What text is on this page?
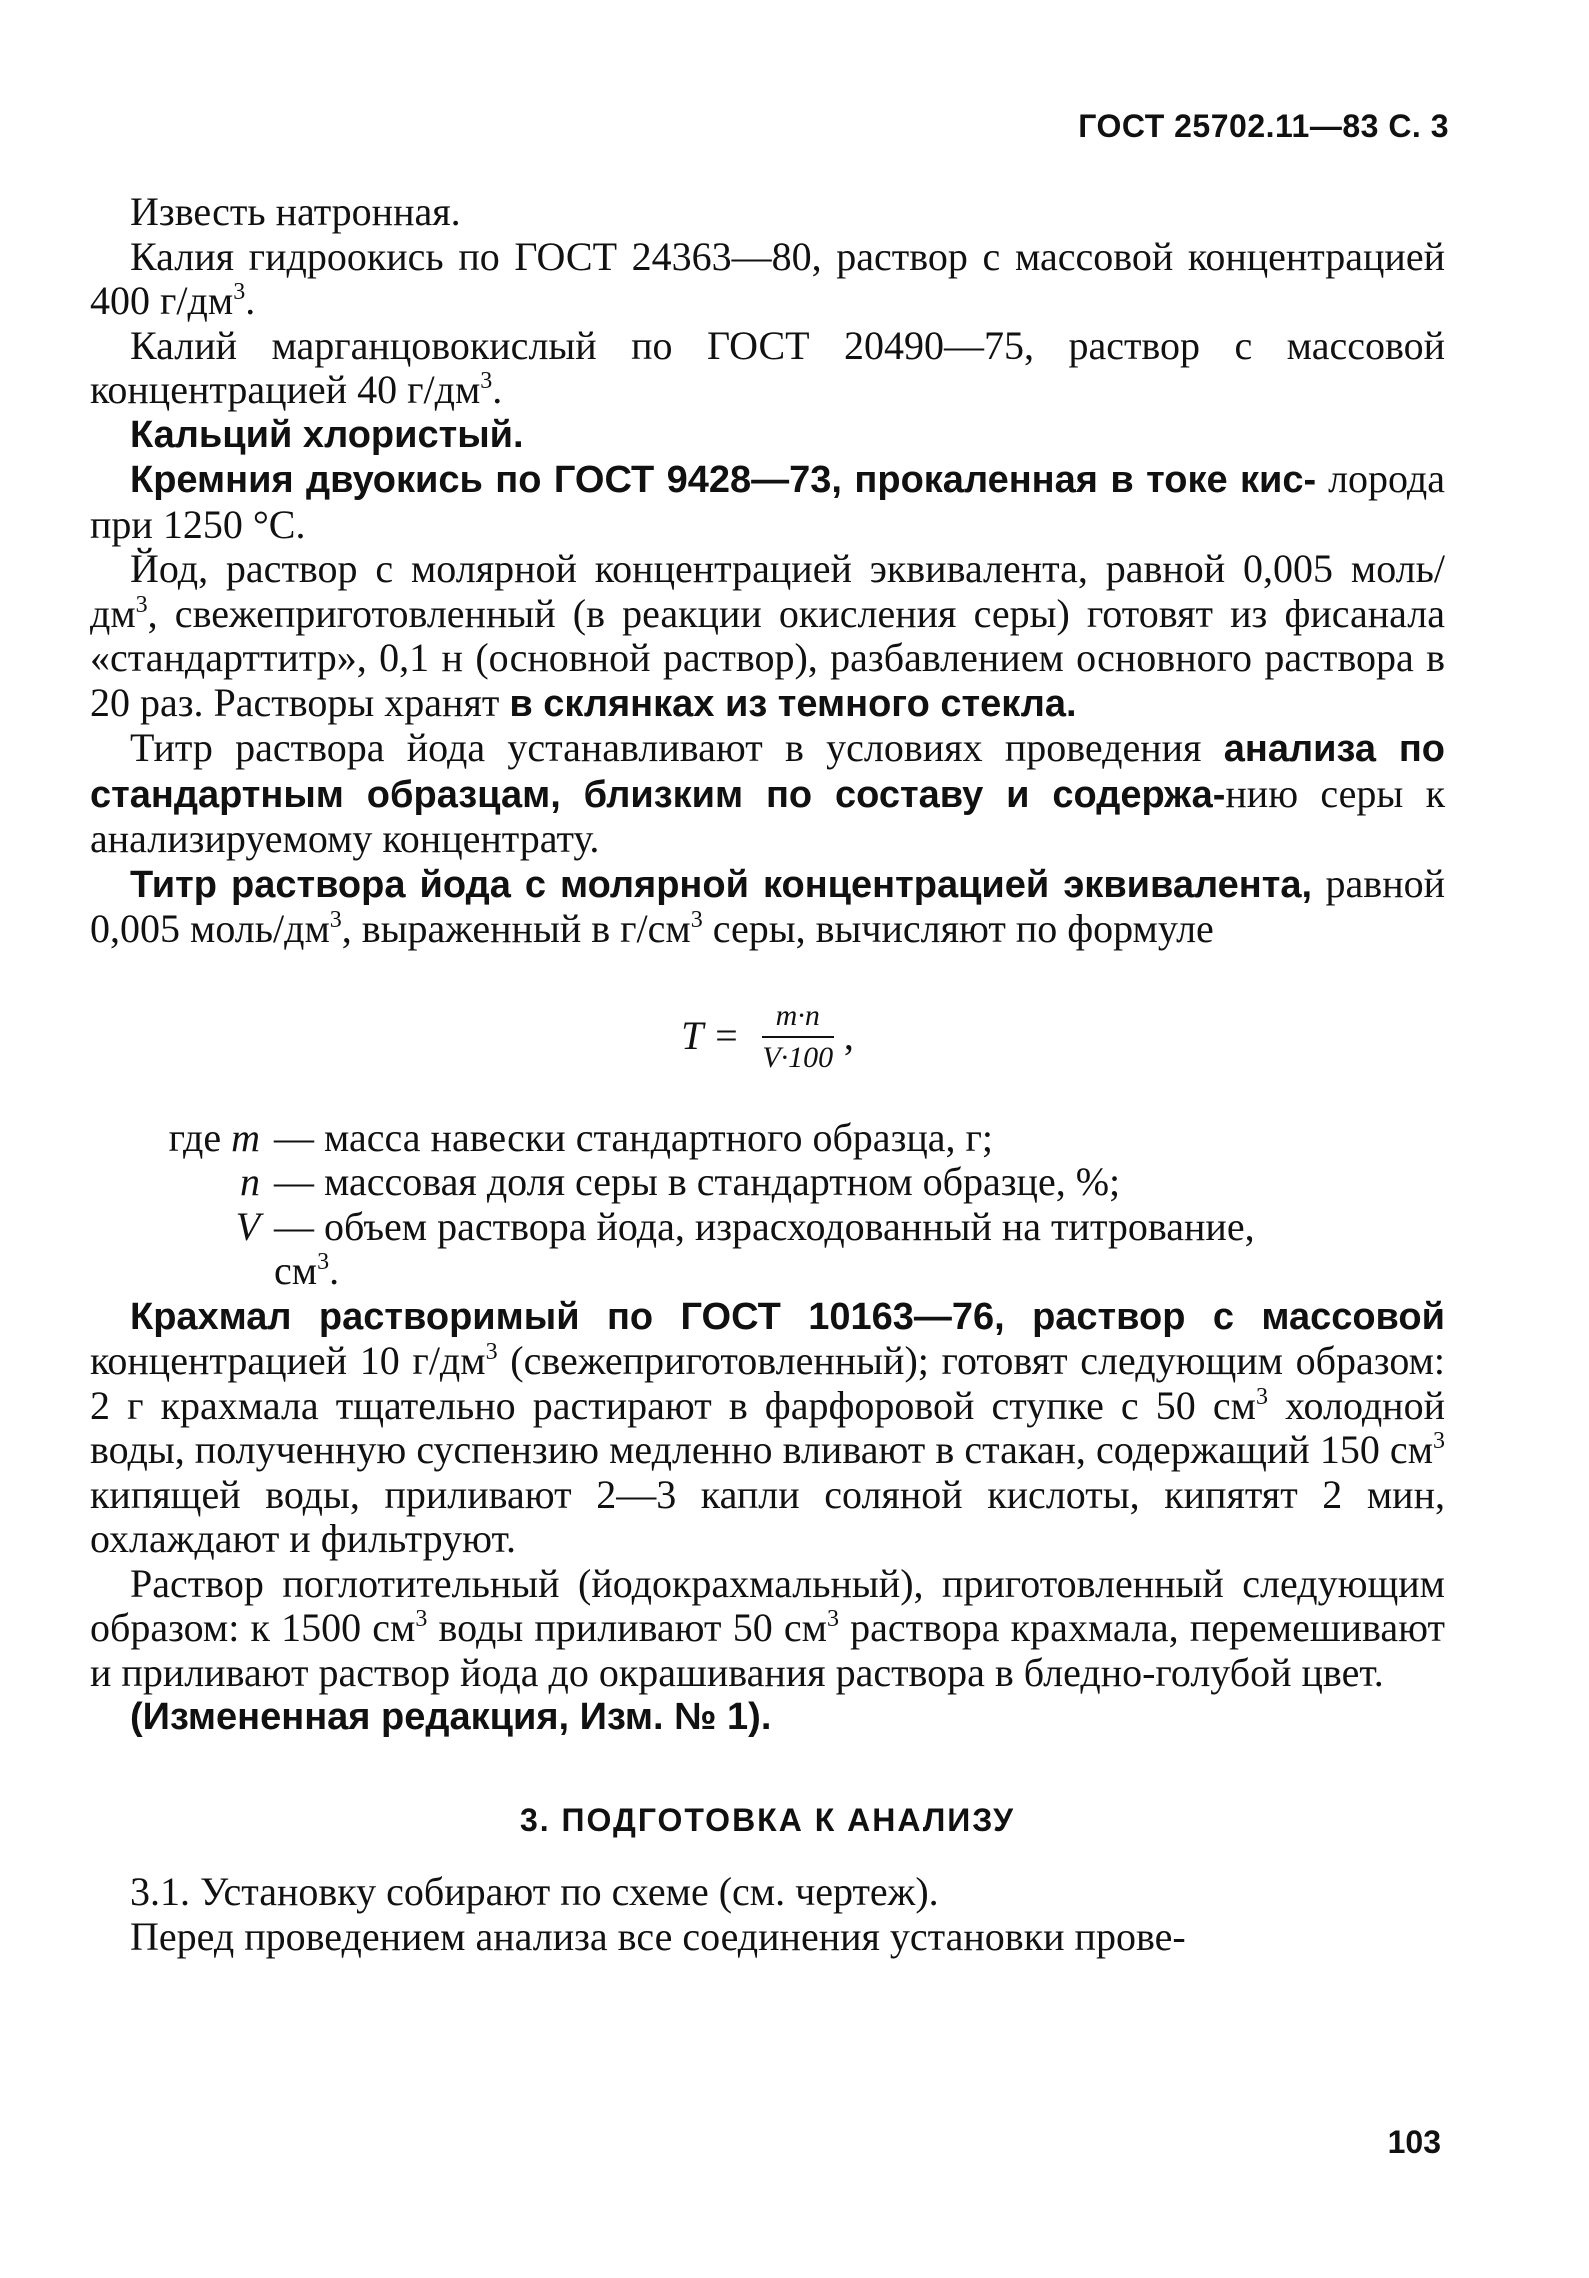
ГОСТ 25702.11—83 С. 3

Известь натронная.

Калия гидроокись по ГОСТ 24363—80, раствор с массовой концентрацией 400 $г/дм^3$.

Калий марганцовокислый по ГОСТ 20490—75, раствор с массовой концентрацией 40 $г/дм^3$.

Кальций хлористый.

Кремния двуокись по ГОСТ 9428—73, прокаленная в токе кис- лорода при 1250 °С.

Йод, раствор с молярной концентрацией эквивалента, равной 0,005 моль/$дм^3$, свежеприготовленный (в реакции окисления серы) готовят из фисанала «стандарттитр», 0,1 н (основной раствор), разбавлением основного раствора в 20 раз. Растворы хранят в склянках из темного стекла.

Титр раствора йода устанавливают в условиях проведения анализа по стандартным образцам, близким по составу и содержа-нию серы к анализируемому концентрату.

Титр раствора йода с молярной концентрацией эквивалента, равной 0,005 моль/$дм^3$, выраженный в $г/см^3$ серы, вычисляют по формуле

$T = \frac{m\cdot n}{V\cdot 100}$ ,
где m — масса навески стандартного образца, г;
n — массовая доля серы в стандартном образце, %;
V — объем раствора йода, израсходованный на титрование,
$см^3$.

Крахмал растворимый по ГОСТ 10163—76, раствор с массовой концентрацией 10 $г/дм^3$ (свежеприготовленный); готовят следующим образом: 2 г крахмала тщательно растирают в фарфоровой ступке с 50 $см^3$ холодной воды, полученную суспензию медленно вливают в стакан, содержащий 150 $см^3$ кипящей воды, приливают 2—3 капли соляной кислоты, кипятят 2 мин, охлаждают и фильтруют.

Раствор поглотительный (йодокрахмальный), приготовленный следующим образом: к 1500 $см^3$ воды приливают 50 $см^3$ раствора крахмала, перемешивают и приливают раствор йода до окрашивания раствора в бледно-голубой цвет.

(Измененная редакция, Изм. № 1).

3. ПОДГОТОВКА К АНАЛИЗУ

3.1. Установку собирают по схеме (см. чертеж).

Перед проведением анализа все соединения установки прове-

103
